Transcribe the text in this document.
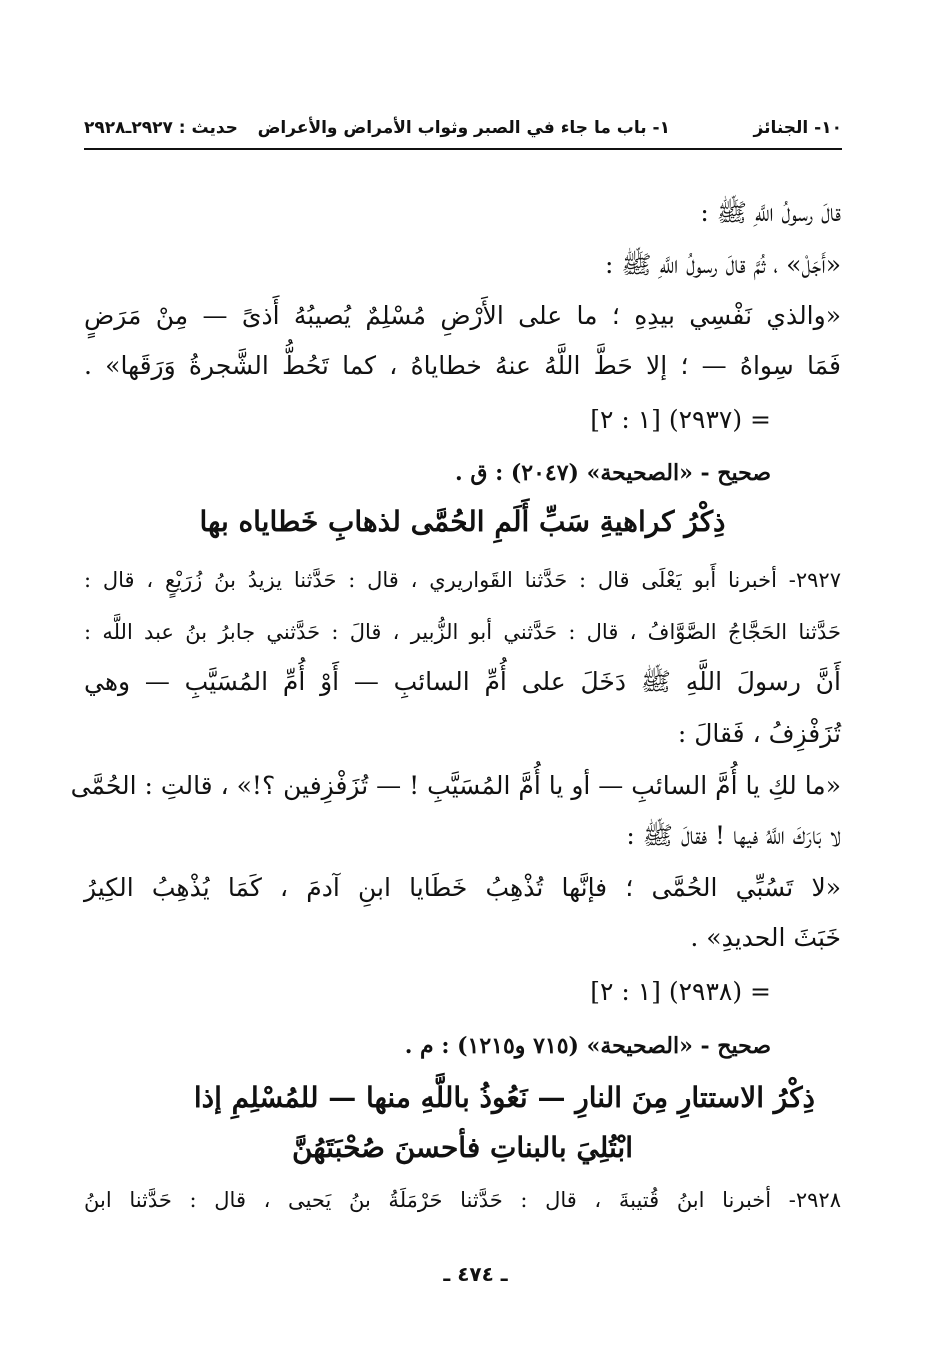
١٠- الجنائز
١- باب ما جاء في الصبر وثواب الأمراض والأعراض
حديث : ٢٩٢٧ـ٢٩٢٨
قالَ رسولُ اللَّهِ ﷺ :
«أَجَلْ» ، ثُمَّ قالَ رسولُ اللَّهِ ﷺ :
«والذي نَفْسِي بيدِهِ ؛ ما على الأَرْضِ مُسْلِمٌ يُصيبُهُ أَذىً — مِنْ مَرَضٍ
فَمَا سِواهُ — ؛ إلا حَطَّ اللَّهُ عنهُ خطاياهُ ، كما تَحُطُّ الشَّجرةُ وَرَقَها» .
= (٢٩٣٧) [١ : ٢]
صحيح - «الصحيحة» (٢٠٤٧) : ق .
ذِكْرُ كراهيةِ سَبِّ أَلَمِ الحُمَّى لذهابِ خَطاياه بها
٢٩٢٧- أخبرنا أَبو يَعْلَى قال : حَدَّثنا القَواريري ، قال : حَدَّثنا يزيدُ بنُ زُرَيْعٍ ، قال :
حَدَّثنا الحَجَّاجُ الصَّوَّافُ ، قال : حَدَّثني أبو الزُّبير ، قالَ : حَدَّثني جابرُ بنُ عبد اللَّه :
أَنَّ رسولَ اللَّهِ ﷺ دَخَلَ على أُمِّ السائبِ — أَوْ أُمِّ المُسَيَّبِ — وهي
تُزَفْزِفُ ، فَقالَ :
«ما لكِ يا أُمَّ السائبِ — أو يا أُمَّ المُسَيَّبِ ! — تُزَفْزِفين ؟!» ، قالتِ : الحُمَّى
لا بَارَكَ اللَّهُ فيها ! فقالَ ﷺ :
«لا تَسُبِّي الحُمَّى ؛ فإنَّها تُذْهِبُ خَطَايا ابنِ آدمَ ، كَمَا يُذْهِبُ الكِيرُ
خَبَثَ الحديدِ» .
= (٢٩٣٨) [١ : ٢]
صحيح - «الصحيحة» (٧١٥ و١٢١٥) : م .
ذِكْرُ الاستتارِ مِنَ النارِ — نَعُوذُ باللَّهِ منها — للمُسْلِمِ إذا
ابْتُلِيَ بالبناتِ فأحسنَ صُحْبَتَهُنَّ
٢٩٢٨- أخبرنا ابنُ قُتيبةَ ، قال : حَدَّثنا حَرْمَلَةُ بنُ يَحيى ، قال : حَدَّثنا ابنُ
ـ ٤٧٤ ـ
